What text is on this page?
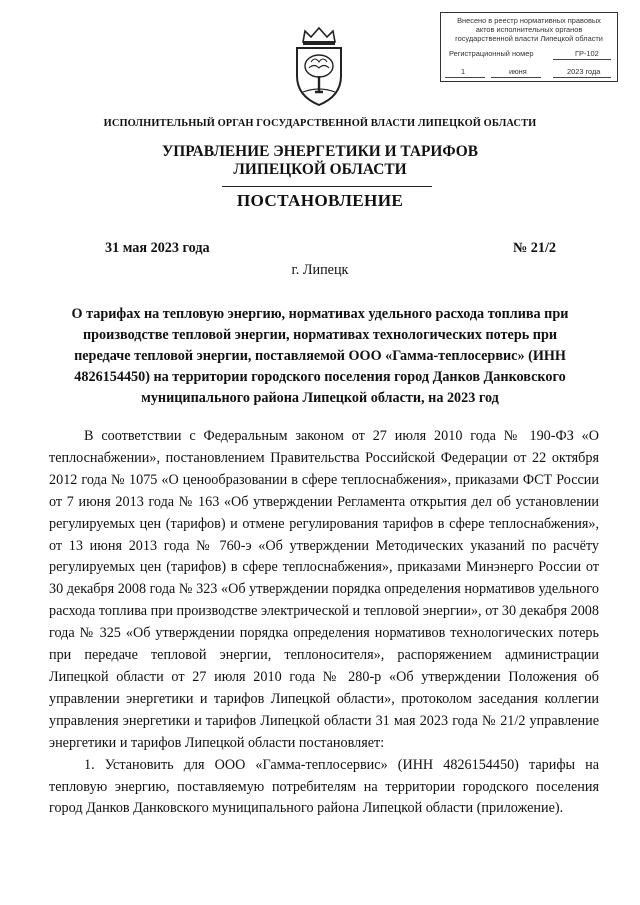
Внесено в реестр нормативных правовых
актов исполнительных органов
государственной власти Липецкой области
Регистрационный номер	ГР-102
1	июня	2023 года
ИСПОЛНИТЕЛЬНЫЙ ОРГАН ГОСУДАРСТВЕННОЙ ВЛАСТИ ЛИПЕЦКОЙ ОБЛАСТИ
УПРАВЛЕНИЕ ЭНЕРГЕТИКИ И ТАРИФОВ
ЛИПЕЦКОЙ ОБЛАСТИ
ПОСТАНОВЛЕНИЕ
31 мая 2023 года	№ 21/2
г. Липецк
О тарифах на тепловую энергию, нормативах удельного расхода топлива при
производстве тепловой энергии, нормативах технологических потерь при
передаче тепловой энергии, поставляемой ООО «Гамма-теплосервис» (ИНН
4826154450) на территории городского поселения город Данков Данковского
муниципального района Липецкой области, на 2023 год

В соответствии с Федеральным законом от 27 июля 2010 года № 190-ФЗ «О теплоснабжении», постановлением Правительства Российской Федерации от 22 октября 2012 года № 1075 «О ценообразовании в сфере теплоснабжения», приказами ФСТ России от 7 июня 2013 года № 163 «Об утверждении Регламента открытия дел об установлении регулируемых цен (тарифов) и отмене регулирования тарифов в сфере теплоснабжения», от 13 июня 2013 года № 760-э «Об утверждении Методических указаний по расчёту регулируемых цен (тарифов) в сфере теплоснабжения», приказами Минэнерго России от 30 декабря 2008 года № 323 «Об утверждении порядка определения нормативов удельного расхода топлива при производстве электрической и тепловой энергии», от 30 декабря 2008 года № 325 «Об утверждении порядка определения нормативов технологических потерь при передаче тепловой энергии, теплоносителя», распоряжением администрации Липецкой области от 27 июля 2010 года № 280-р «Об утверждении Положения об управлении энергетики и тарифов Липецкой области», протоколом заседания коллегии управления энергетики и тарифов Липецкой области 31 мая 2023 года № 21/2 управление энергетики и тарифов Липецкой области постановляет:

1. Установить для ООО «Гамма-теплосервис» (ИНН 4826154450) тарифы на тепловую энергию, поставляемую потребителям на территории городского поселения город Данков Данковского муниципального района Липецкой области (приложение).
